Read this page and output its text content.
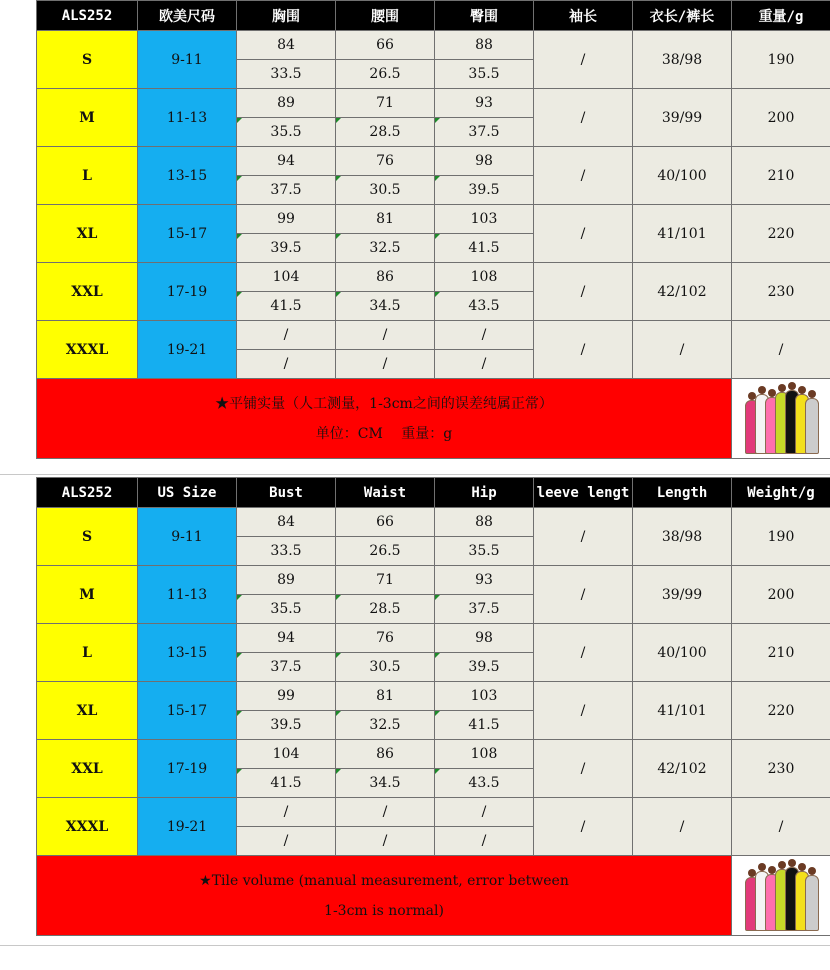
ALS252	欧美尺码	胸围	腰围	臀围	袖长	衣长/裤长	重量/g
S	9-11	84	66	88	/	38/98	190
		33.5	26.5	35.5			
M	11-13	89	71	93	/	39/99	200
		35.5	28.5	37.5			
L	13-15	94	76	98	/	40/100	210
		37.5	30.5	39.5			
XL	15-17	99	81	103	/	41/101	220
		39.5	32.5	41.5			
XXL	17-19	104	86	108	/	42/102	230
		41.5	34.5	43.5			
XXXL	19-21	/	/	/	/	/	/
		/	/	/			

★平铺实量（人工测量，1-3cm之间的误差纯属正常）
单位：CM　 重量：g							

ALS252	US Size	Bust	Waist	Hip	leeve lengt	Length	Weight/g
S	9-11	84	66	88	/	38/98	190
		33.5	26.5	35.5			
M	11-13	89	71	93	/	39/99	200
		35.5	28.5	37.5			
L	13-15	94	76	98	/	40/100	210
		37.5	30.5	39.5			
XL	15-17	99	81	103	/	41/101	220
		39.5	32.5	41.5			
XXL	17-19	104	86	108	/	42/102	230
		41.5	34.5	43.5			
XXXL	19-21	/	/	/	/	/	/
		/	/	/			

★Tile volume (manual measurement, error between
1-3cm is normal)							
